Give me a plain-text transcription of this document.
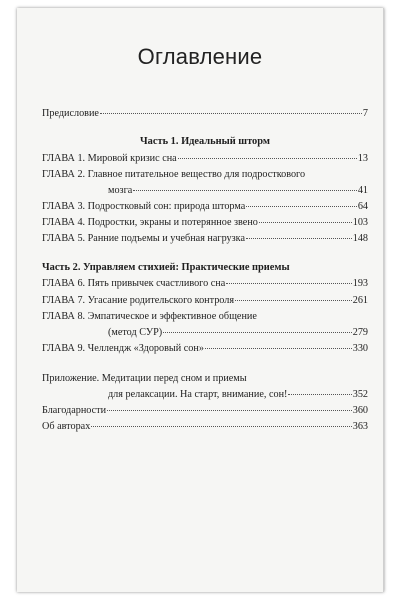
Оглавление
Предисловие	7
Часть 1. Идеальный шторм
ГЛАВА 1. Мировой кризис сна	13
ГЛАВА 2. Главное питательное вещество для подросткового
мозга	41
ГЛАВА 3. Подростковый сон: природа шторма	64
ГЛАВА 4. Подростки, экраны и потерянное звено	103
ГЛАВА 5. Ранние подъемы и учебная нагрузка	148
Часть 2. Управляем стихией: Практические приемы
ГЛАВА 6. Пять привычек счастливого сна	193
ГЛАВА 7. Угасание родительского контроля	261
ГЛАВА 8. Эмпатическое и эффективное общение
(метод СУР)	279
ГЛАВА 9. Челлендж «Здоровый сон»	330
Приложение. Медитации перед сном и приемы
для релаксации. На старт, внимание, сон!	352
Благодарности	360
Об авторах	363
